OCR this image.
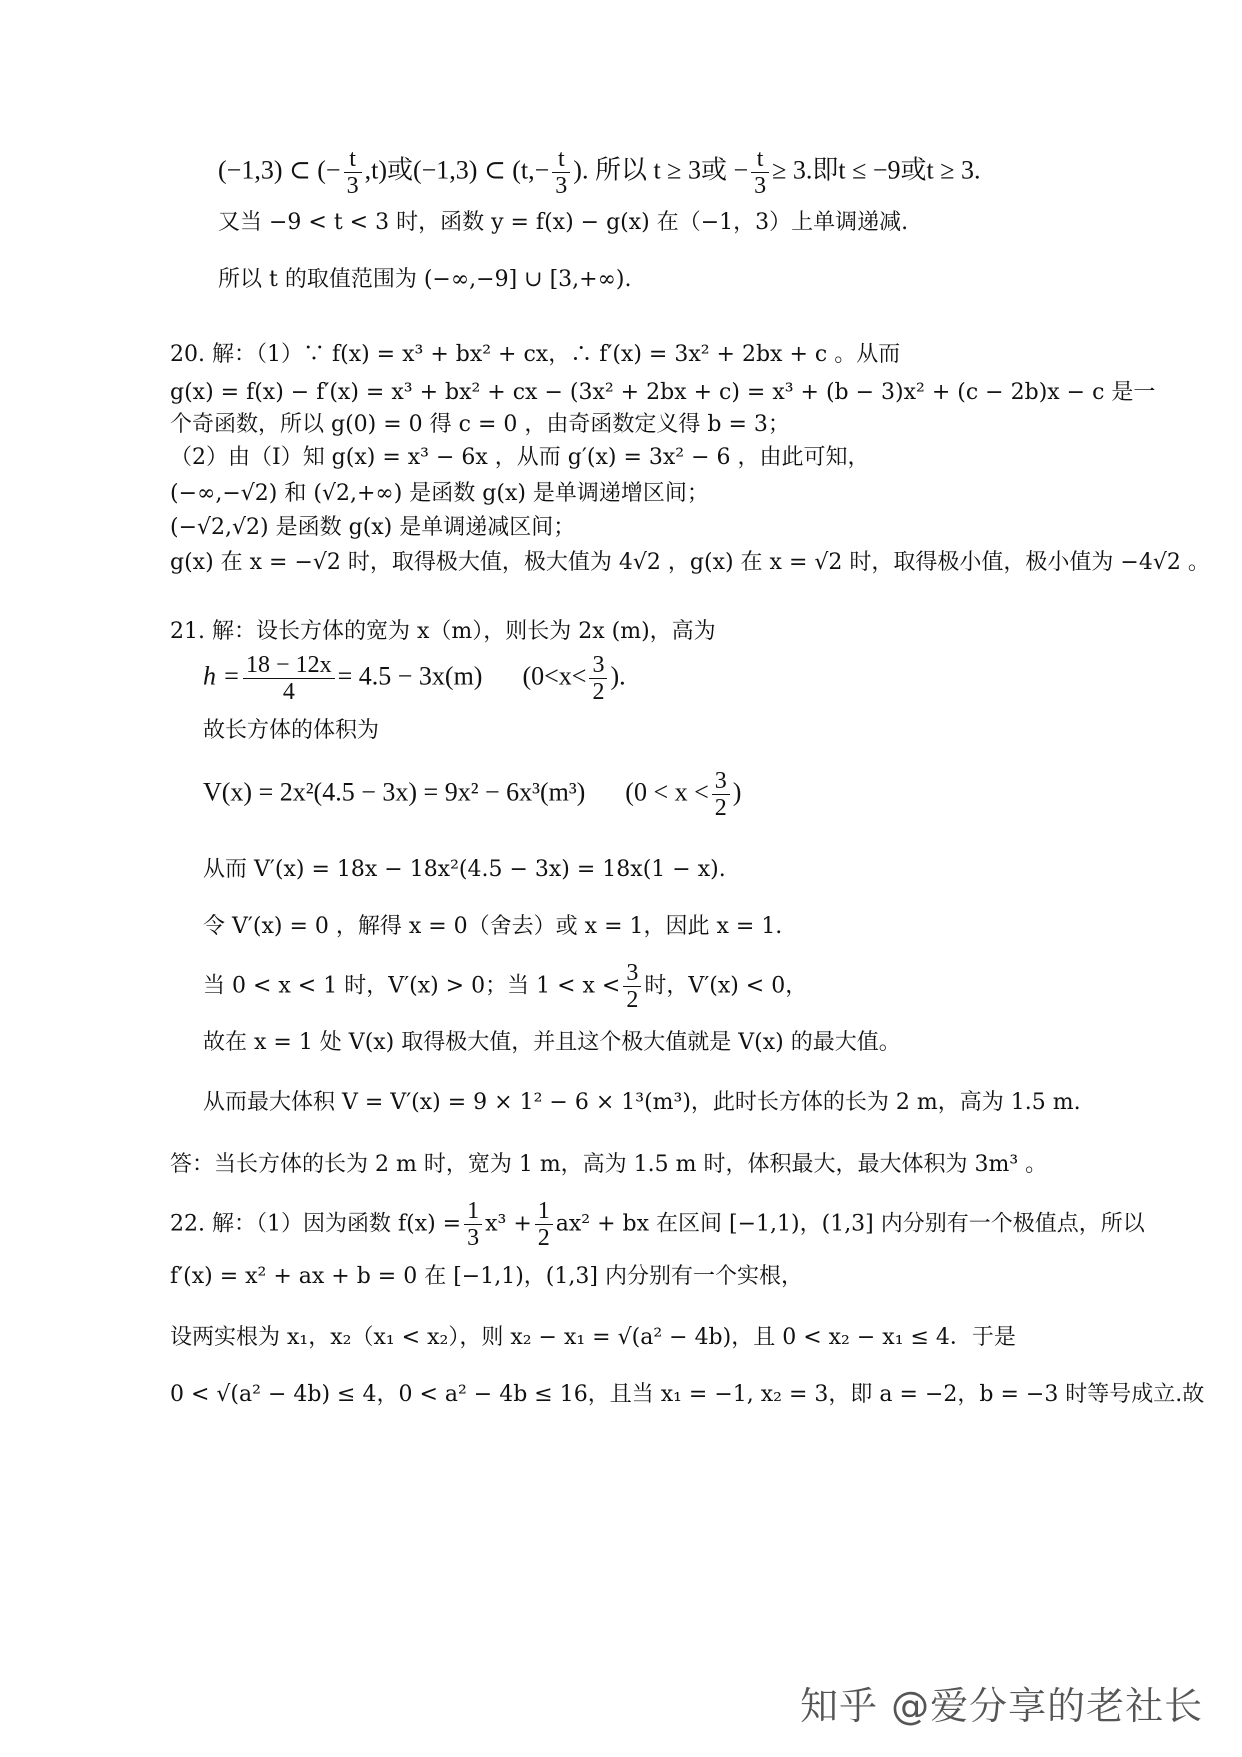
(−1,3) ⊂ (− $\frac{t}{3} ,t$)或(−1,3) ⊂ ($t,- \frac{t}{3}$ ). 所以 t ≥ 3或 − $\frac{t}{3} \ge 3$.即t ≤ −9或t ≥ 3.
又当 −9 < t < 3 时，函数 y = f(x) − g(x) 在（−1，3）上单调递减.
所以 t 的取值范围为 (−∞,−9] ∪ [3,+∞).
20. 解：（1）∵ f(x) = x³ + bx² + cx，∴ f′(x) = 3x² + 2bx + c 。从而
g(x) = f(x) − f′(x) = x³ + bx² + cx − (3x² + 2bx + c) = x³ + (b − 3)x² + (c − 2b)x − c 是一
个奇函数，所以 g(0) = 0 得 c = 0 ，由奇函数定义得 b = 3；
（2）由（Ⅰ）知 g(x) = x³ − 6x ，从而 g′(x) = 3x² − 6 ，由此可知，
(−∞,−√2) 和 (√2,+∞) 是函数 g(x) 是单调递增区间；
(−√2,√2) 是函数 g(x) 是单调递减区间；
g(x) 在 x = −√2 时，取得极大值，极大值为 4√2 ，g(x) 在 x = √2 时，取得极小值，极小值为 −4√2 。
21. 解：设长方体的宽为 x（m），则长为 2x (m)，高为
$h = \frac{18 - 12x}{4} = 4.5 - 3x(m)$ ($0<x< \frac{3}{2}$ ).
故长方体的体积为
V(x) = 2x²(4.5 − 3x) = 9x² − 6x³(m³) ($0 < x < \frac{3}{2}$ )
从而 V′(x) = 18x − 18x²(4.5 − 3x) = 18x(1 − x).
令 V′(x) = 0 ，解得 x = 0（舍去）或 x = 1，因此 x = 1.
当 0 < x < 1 时，V′(x) > 0；当 $1 < x < \frac{3}{2}$ 时，V′(x) < 0，
故在 x = 1 处 V(x) 取得极大值，并且这个极大值就是 V(x) 的最大值。
从而最大体积 V = V′(x) = 9 × 1² − 6 × 1³(m³)，此时长方体的长为 2 m，高为 1.5 m.
答：当长方体的长为 2 m 时，宽为 1 m，高为 1.5 m 时，体积最大，最大体积为 3m³ 。
22. 解：（1）因为函数 $f(x) = \frac{1}{3} x^3 + \frac{1}{2} ax^2$ + bx 在区间 [−1,1)，(1,3] 内分别有一个极值点，所以
f′(x) = x² + ax + b = 0 在 [−1,1)，(1,3] 内分别有一个实根，
设两实根为 x₁，x₂（x₁ < x₂），则 x₂ − x₁ = √(a² − 4b)，且 0 < x₂ − x₁ ≤ 4．于是
0 < √(a² − 4b) ≤ 4，0 < a² − 4b ≤ 16，且当 x₁ = −1, x₂ = 3，即 a = −2，b = −3 时等号成立.故
知乎 @爱分享的老社长
